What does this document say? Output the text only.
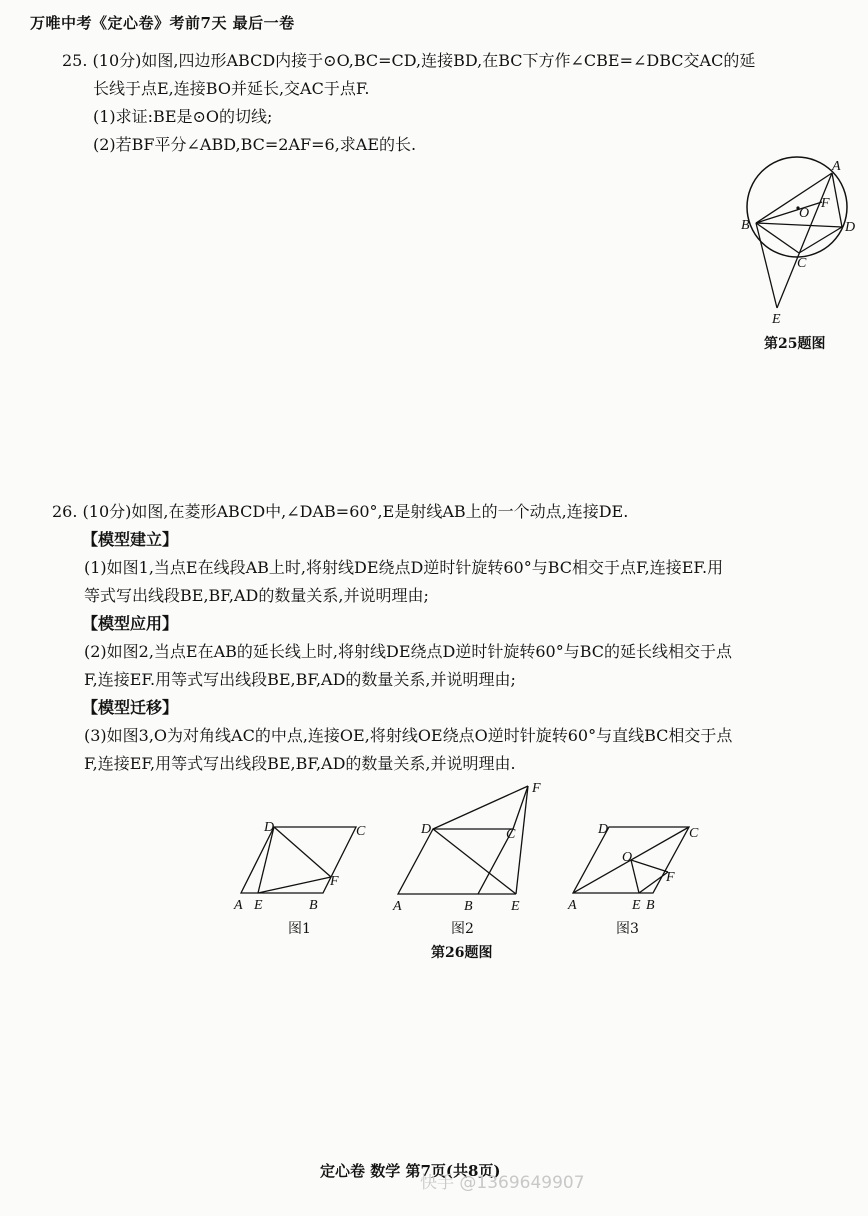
万唯中考《定心卷》考前7天 最后一卷
25. (10分)如图,四边形ABCD内接于⊙O,BC=CD,连接BD,在BC下方作∠CBE=∠DBC交AC的延
长线于点E,连接BO并延长,交AC于点F.
(1)求证:BE是⊙O的切线;
(2)若BF平分∠ABD,BC=2AF=6,求AE的长.
A
B
C
D
E
F
O
第25题图
26. (10分)如图,在菱形ABCD中,∠DAB=60°,E是射线AB上的一个动点,连接DE.
【模型建立】
(1)如图1,当点E在线段AB上时,将射线DE绕点D逆时针旋转60°与BC相交于点F,连接EF.用
等式写出线段BE,BF,AD的数量关系,并说明理由;
【模型应用】
(2)如图2,当点E在AB的延长线上时,将射线DE绕点D逆时针旋转60°与BC的延长线相交于点
F,连接EF.用等式写出线段BE,BF,AD的数量关系,并说明理由;
【模型迁移】
(3)如图3,O为对角线AC的中点,连接OE,将射线OE绕点O逆时针旋转60°与直线BC相交于点
F,连接EF,用等式写出线段BE,BF,AD的数量关系,并说明理由.
A E	B
C
D
F
图1
A	B
C
D
E
F
图2
A	E B
C
D
F
O
图3
第26题图
定心卷 数学 第7页(共8页)
快手 @1369649907
